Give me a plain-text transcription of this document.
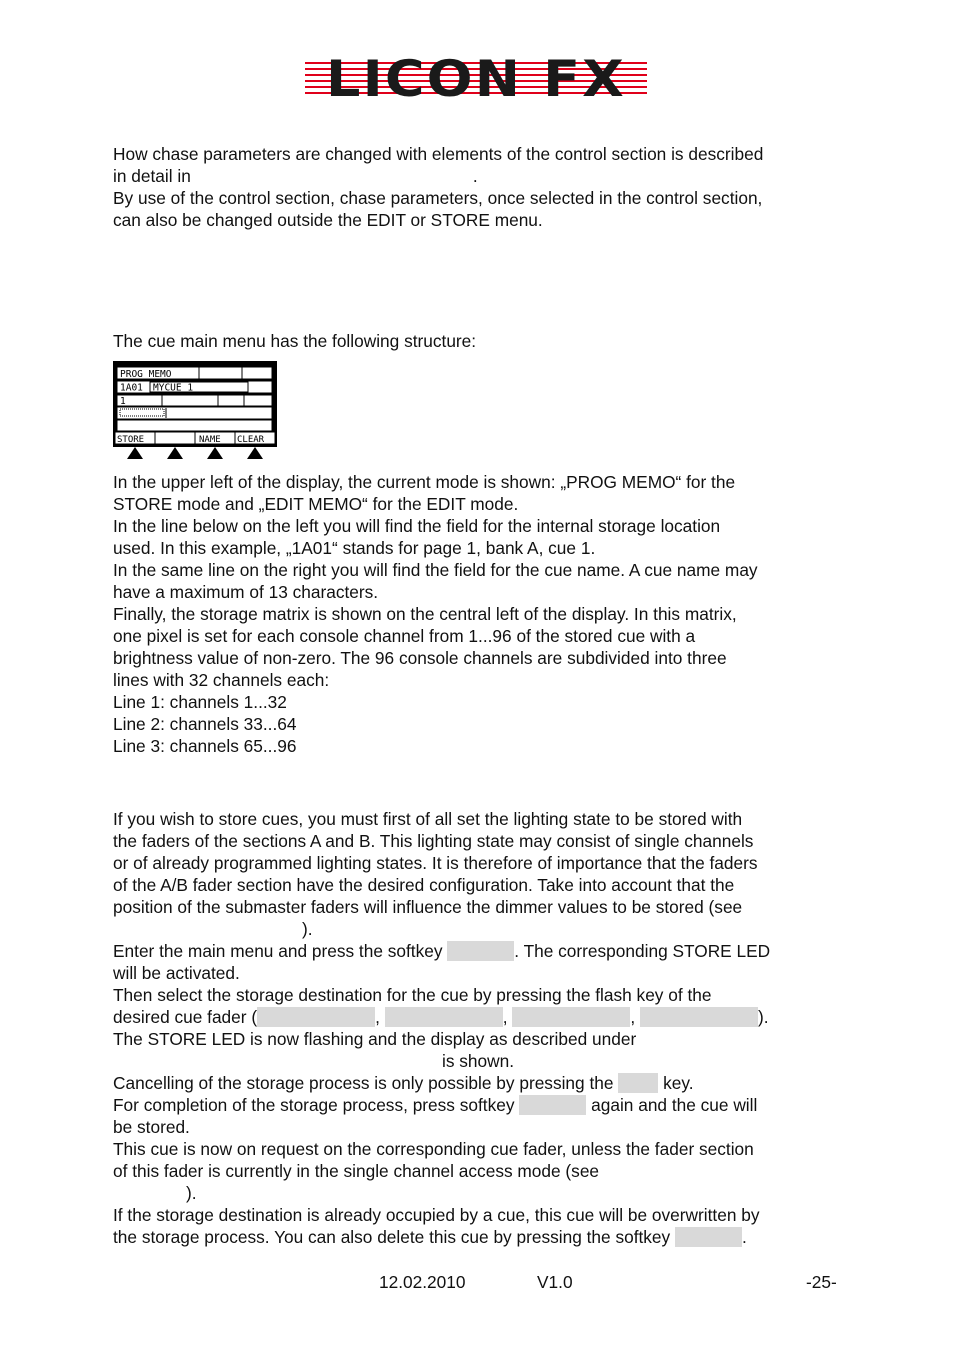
LICON FX
How chase parameters are changed with elements of the control section is described
in detail in	.
By use of the control section, chase parameters, once selected in the control section,
can also be changed outside the EDIT or STORE menu.

The cue main menu has the following structure:

PROG MEMO
1A01 MYCUE 1
1
STORE	NAME CLEAR
In the upper left of the display, the current mode is shown: „PROG MEMO“ for the
STORE mode and „EDIT MEMO“ for the EDIT mode.
In the line below on the left you will find the field for the internal storage location
used. In this example, „1A01“ stands for page 1, bank A, cue 1.
In the same line on the right you will find the field for the cue name. A cue name may
have a maximum of 13 characters.
Finally, the storage matrix is shown on the central left of the display. In this matrix,
one pixel is set for each console channel from 1...96 of the stored cue with a
brightness value of non-zero. The 96 console channels are subdivided into three
lines with 32 channels each:
Line 1: channels 1...32
Line 2: channels 33...64
Line 3: channels 65...96
If you wish to store cues, you must first of all set the lighting state to be stored with
the faders of the sections A and B. This lighting state may consist of single channels
or of already programmed lighting states. It is therefore of importance that the faders
of the A/B fader section have the desired configuration. Take into account that the
position of the submaster faders will influence the dimmer values to be stored (see
).
Enter the main menu and press the softkey	. The corresponding STORE LED
will be activated.
Then select the storage destination for the cue by pressing the flash key of the
desired cue fader (	,	,	,	).
The STORE LED is now flashing and the display as described under
is shown.
Cancelling of the storage process is only possible by pressing the	key.
For completion of the storage process, press softkey	again and the cue will
be stored.
This cue is now on request on the corresponding cue fader, unless the fader section
of this fader is currently in the single channel access mode (see
).
If the storage destination is already occupied by a cue, this cue will be overwritten by
the storage process. You can also delete this cue by pressing the softkey	.
12.02.2010	V1.0	-25-
